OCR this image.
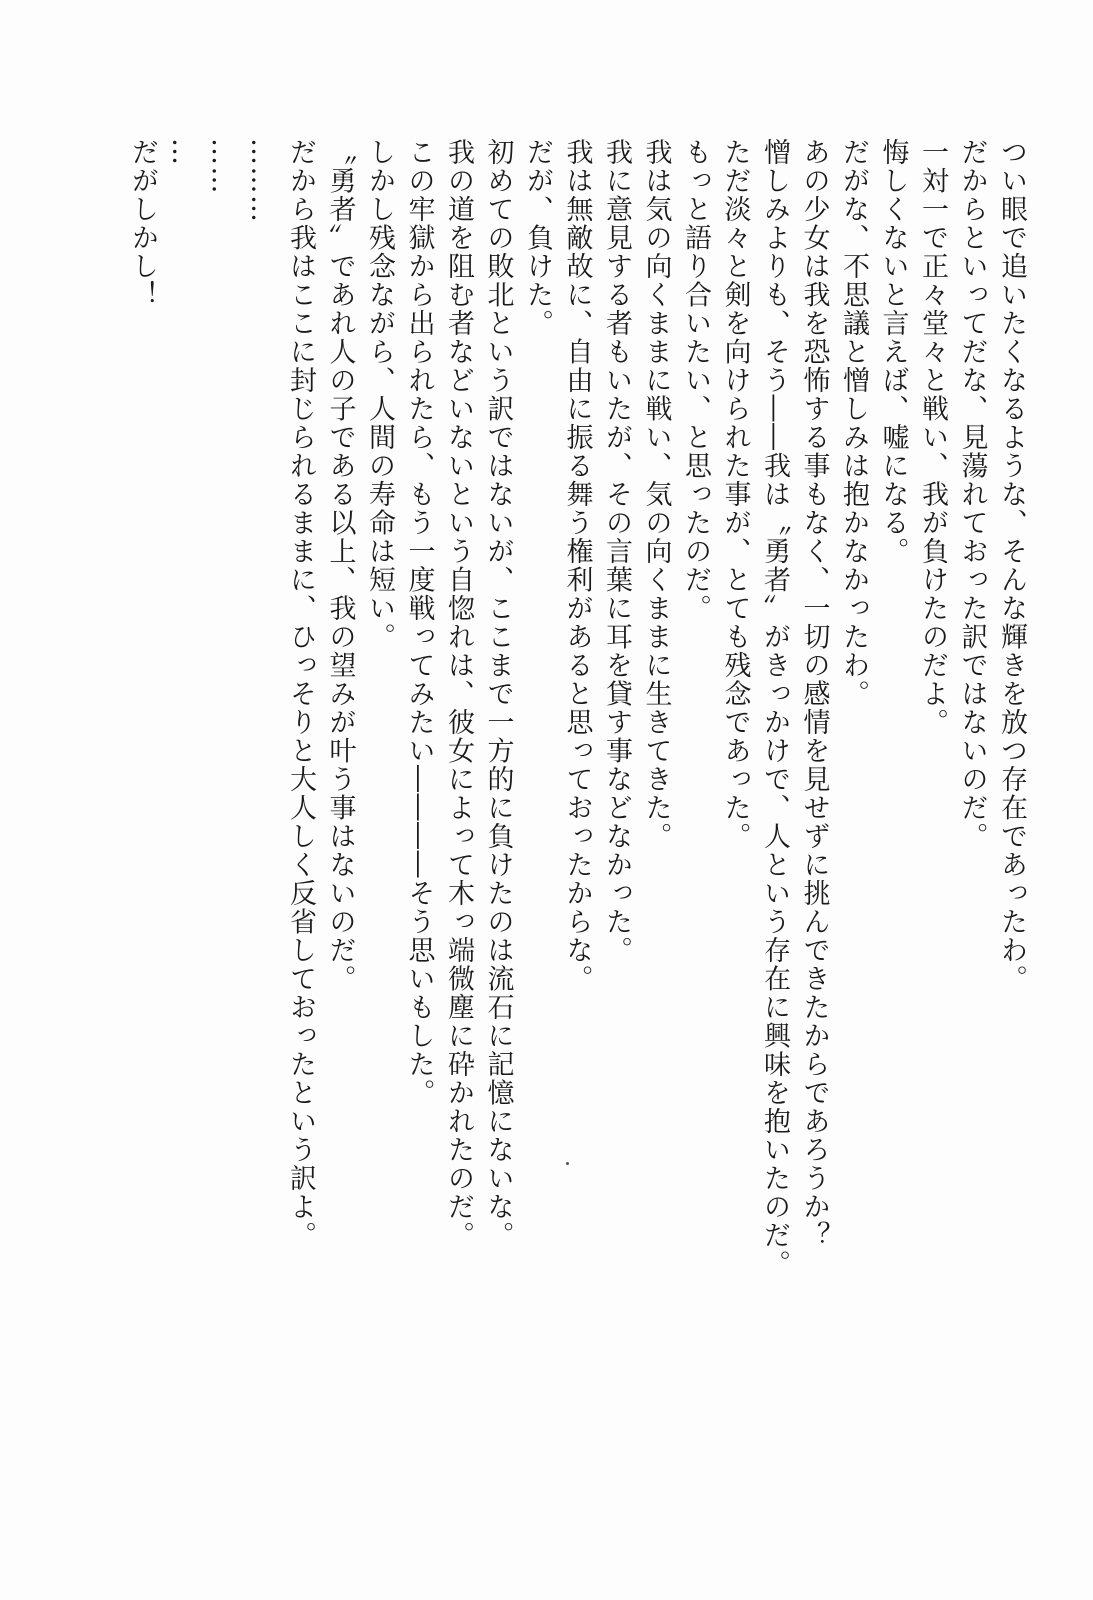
つい眼で追いたくなるような、そんな輝きを放つ存在であったわ。
だからといってだな、見蕩れておった訳ではないのだ。
一対一で正々堂々と戦い、我が負けたのだよ。
悔しくないと言えば、嘘になる。
だがな、不思議と憎しみは抱かなかったわ。
あの少女は我を恐怖する事もなく、一切の感情を見せずに挑んできたからであろうか？
憎しみよりも、そう――我は〝勇者〟がきっかけで、人という存在に興味を抱いたのだ。
ただ淡々と剣を向けられた事が、とても残念であった。
もっと語り合いたい、と思ったのだ。
我は気の向くままに戦い、気の向くままに生きてきた。
我に意見する者もいたが、その言葉に耳を貸す事などなかった。
我は無敵故に、自由に振る舞う権利があると思っておったからな。
だが、負けた。
初めての敗北という訳ではないが、ここまで一方的に負けたのは流石に記憶にないな。
我の道を阻む者などいないという自惚れは、彼女によって木っ端微塵に砕かれたのだ。
この牢獄から出られたら、もう一度戦ってみたい――――そう思いもした。
しかし残念ながら、人間の寿命は短い。
〝勇者〟であれ人の子である以上、我の望みが叶う事はないのだ。
だから我はここに封じられるままに、ひっそりと大人しく反省しておったという訳よ。
………
……
…
だがしかし！
